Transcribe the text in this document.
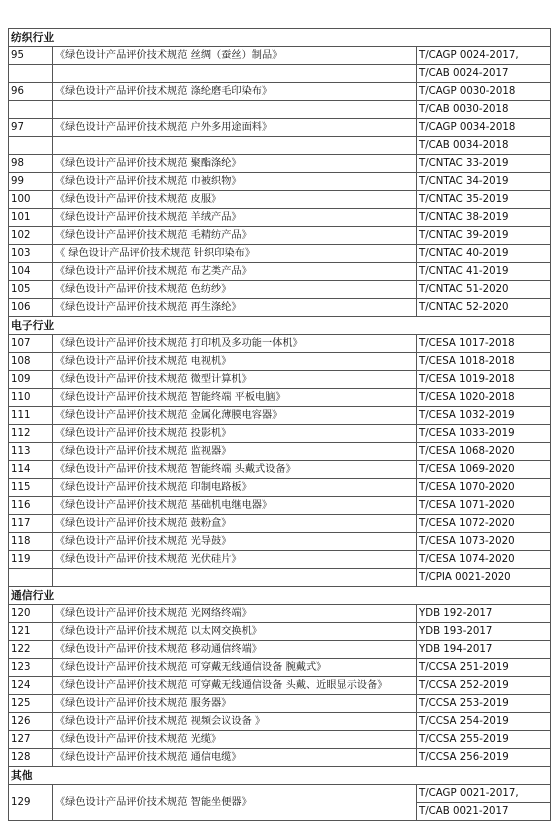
纺织行业		
95	《绿色设计产品评价技术规范 丝绸（蚕丝）制品》	T/CAGP 0024-2017,
		T/CAB 0024-2017
96	《绿色设计产品评价技术规范 涤纶磨毛印染布》	T/CAGP 0030-2018
		T/CAB 0030-2018
97	《绿色设计产品评价技术规范 户外多用途面料》	T/CAGP 0034-2018
		T/CAB 0034-2018
98	《绿色设计产品评价技术规范 聚酯涤纶》	T/CNTAC 33-2019
99	《绿色设计产品评价技术规范 巾被织物》	T/CNTAC 34-2019
100	《绿色设计产品评价技术规范 皮服》	T/CNTAC 35-2019
101	《绿色设计产品评价技术规范 羊绒产品》	T/CNTAC 38-2019
102	《绿色设计产品评价技术规范 毛精纺产品》	T/CNTAC 39-2019
103	《 绿色设计产品评价技术规范 针织印染布》	T/CNTAC 40-2019
104	《绿色设计产品评价技术规范 布艺类产品》	T/CNTAC 41-2019
105	《绿色设计产品评价技术规范 色纺纱》	T/CNTAC 51-2020
106	《绿色设计产品评价技术规范 再生涤纶》	T/CNTAC 52-2020
电子行业		
107	《绿色设计产品评价技术规范 打印机及多功能一体机》	T/CESA 1017-2018
108	《绿色设计产品评价技术规范 电视机》	T/CESA 1018-2018
109	《绿色设计产品评价技术规范 微型计算机》	T/CESA 1019-2018
110	《绿色设计产品评价技术规范 智能终端 平板电脑》	T/CESA 1020-2018
111	《绿色设计产品评价技术规范 金属化薄膜电容器》	T/CESA 1032-2019
112	《绿色设计产品评价技术规范 投影机》	T/CESA 1033-2019
113	《绿色设计产品评价技术规范 监视器》	T/CESA 1068-2020
114	《绿色设计产品评价技术规范 智能终端 头戴式设备》	T/CESA 1069-2020
115	《绿色设计产品评价技术规范 印制电路板》	T/CESA 1070-2020
116	《绿色设计产品评价技术规范 基础机电继电器》	T/CESA 1071-2020
117	《绿色设计产品评价技术规范 鼓粉盒》	T/CESA 1072-2020
118	《绿色设计产品评价技术规范 光导鼓》	T/CESA 1073-2020
119	《绿色设计产品评价技术规范 光伏硅片》	T/CESA 1074-2020
		T/CPIA 0021-2020
通信行业		
120	《绿色设计产品评价技术规范 光网络终端》	YDB 192-2017
121	《绿色设计产品评价技术规范 以太网交换机》	YDB 193-2017
122	《绿色设计产品评价技术规范 移动通信终端》	YDB 194-2017
123	《绿色设计产品评价技术规范 可穿戴无线通信设备 腕戴式》	T/CCSA 251-2019
124	《绿色设计产品评价技术规范 可穿戴无线通信设备 头戴、近眼显示设备》	T/CCSA 252-2019
125	《绿色设计产品评价技术规范 服务器》	T/CCSA 253-2019
126	《绿色设计产品评价技术规范 视频会议设备 》	T/CCSA 254-2019
127	《绿色设计产品评价技术规范 光缆》	T/CCSA 255-2019
128	《绿色设计产品评价技术规范 通信电缆》	T/CCSA 256-2019
其他		
129	《绿色设计产品评价技术规范 智能坐便器》	T/CAGP 0021-2017,
		T/CAB 0021-2017
